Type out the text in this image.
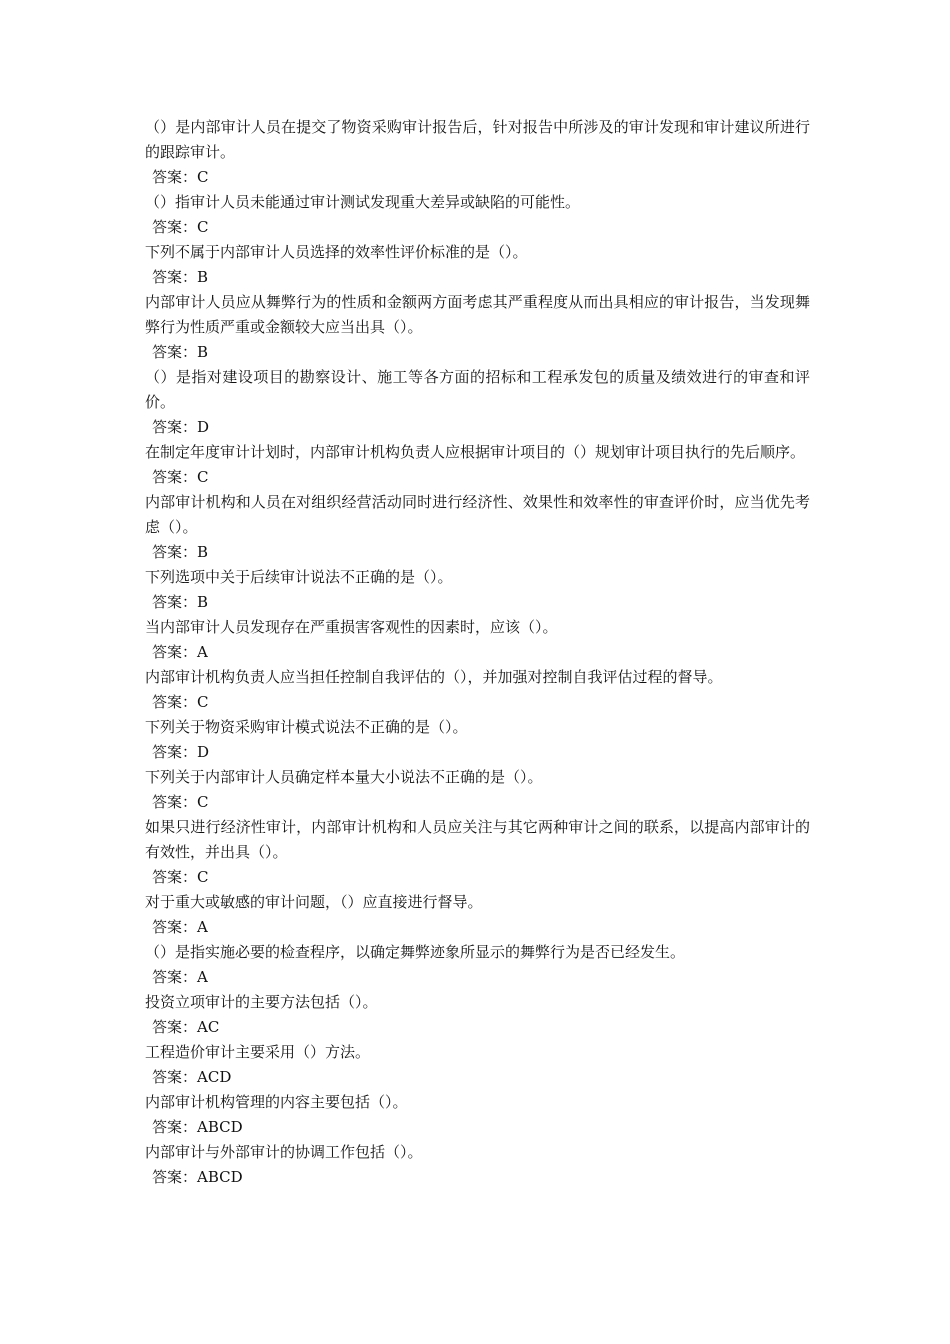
（）是内部审计人员在提交了物资采购审计报告后，针对报告中所涉及的审计发现和审计建议所进行的跟踪审计。
答案：C
（）指审计人员未能通过审计测试发现重大差异或缺陷的可能性。
答案：C
下列不属于内部审计人员选择的效率性评价标准的是（）。
答案：B
内部审计人员应从舞弊行为的性质和金额两方面考虑其严重程度从而出具相应的审计报告，当发现舞弊行为性质严重或金额较大应当出具（）。
答案：B
（）是指对建设项目的勘察设计、施工等各方面的招标和工程承发包的质量及绩效进行的审查和评价。
答案：D
在制定年度审计计划时，内部审计机构负责人应根据审计项目的（）规划审计项目执行的先后顺序。
答案：C
内部审计机构和人员在对组织经营活动同时进行经济性、效果性和效率性的审查评价时，应当优先考虑（）。
答案：B
下列选项中关于后续审计说法不正确的是（）。
答案：B
当内部审计人员发现存在严重损害客观性的因素时，应该（）。
答案：A
内部审计机构负责人应当担任控制自我评估的（），并加强对控制自我评估过程的督导。
答案：C
下列关于物资采购审计模式说法不正确的是（）。
答案：D
下列关于内部审计人员确定样本量大小说法不正确的是（）。
答案：C
如果只进行经济性审计，内部审计机构和人员应关注与其它两种审计之间的联系，以提高内部审计的有效性，并出具（）。
答案：C
对于重大或敏感的审计问题，（）应直接进行督导。
答案：A
（）是指实施必要的检查程序，以确定舞弊迹象所显示的舞弊行为是否已经发生。
答案：A
投资立项审计的主要方法包括（）。
答案：AC
工程造价审计主要采用（）方法。
答案：ACD
内部审计机构管理的内容主要包括（）。
答案：ABCD
内部审计与外部审计的协调工作包括（）。
答案：ABCD
